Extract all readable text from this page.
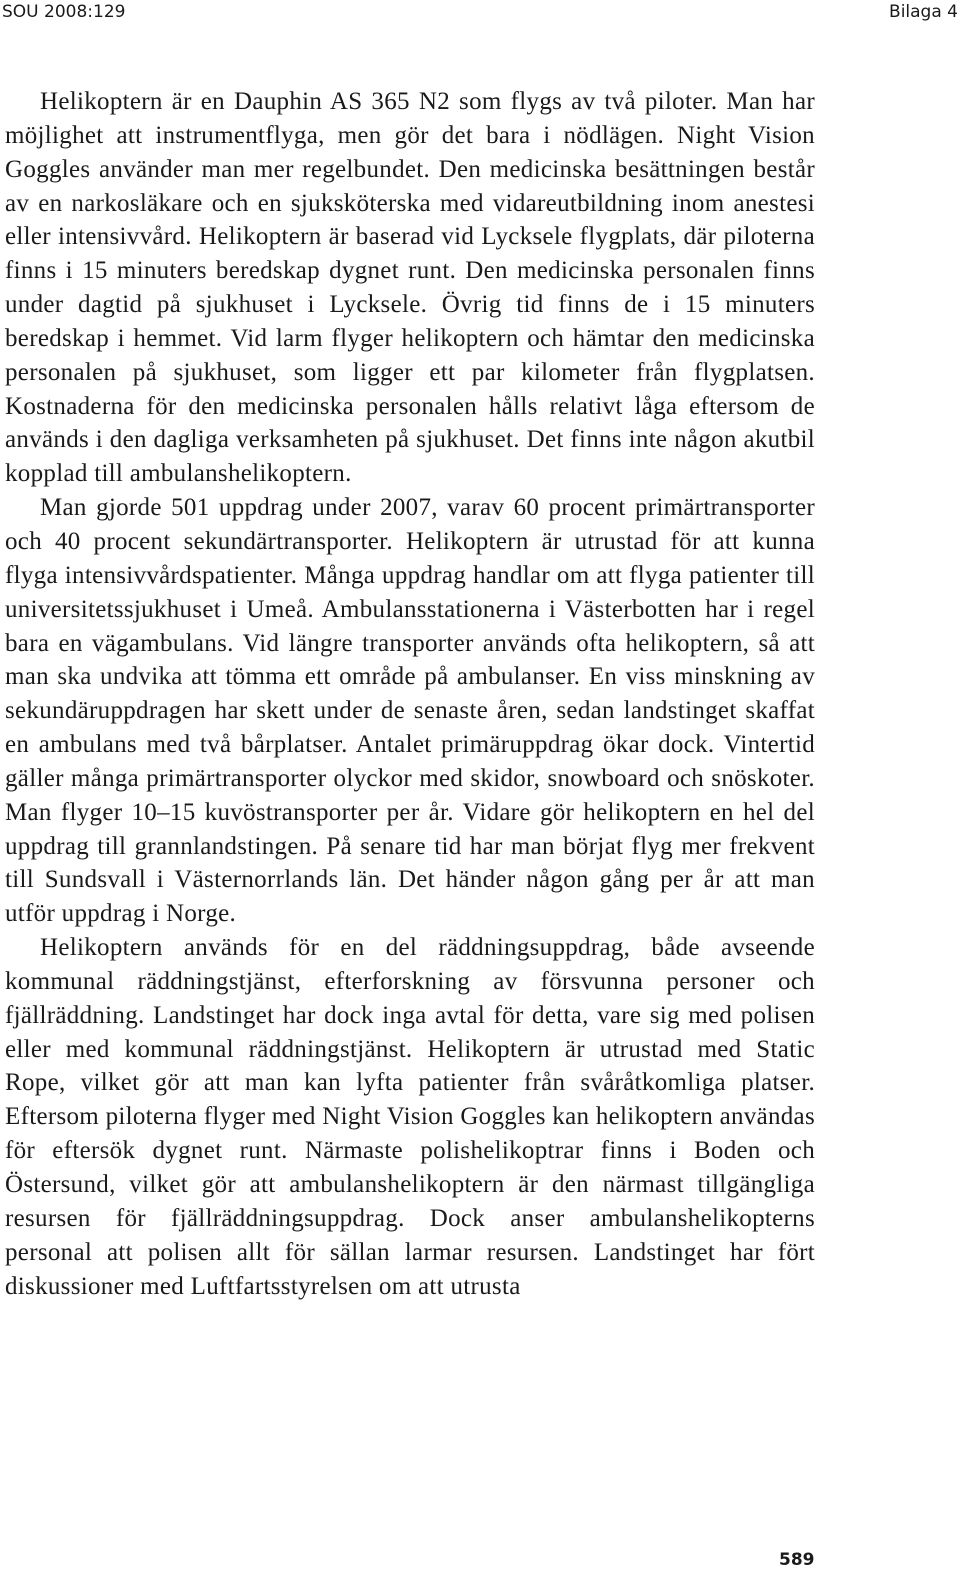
SOU 2008:129	Bilaga 4

Helikoptern är en Dauphin AS 365 N2 som flygs av två piloter. Man har möjlighet att instrumentflyga, men gör det bara i nödlägen. Night Vision Goggles använder man mer regelbundet. Den medicinska besättningen består av en narkosläkare och en sjuksköterska med vidareutbildning inom anestesi eller intensivvård. Helikoptern är baserad vid Lycksele flygplats, där piloterna finns i 15 minuters beredskap dygnet runt. Den medicinska personalen finns under dagtid på sjukhuset i Lycksele. Övrig tid finns de i 15 minuters beredskap i hemmet. Vid larm flyger helikoptern och hämtar den medicinska personalen på sjukhuset, som ligger ett par kilometer från flygplatsen. Kostnaderna för den medicinska personalen hålls relativt låga eftersom de används i den dagliga verksamheten på sjukhuset. Det finns inte någon akutbil kopplad till ambulanshelikoptern.

Man gjorde 501 uppdrag under 2007, varav 60 procent primärtransporter och 40 procent sekundärtransporter. Helikoptern är utrustad för att kunna flyga intensivvårdspatienter. Många uppdrag handlar om att flyga patienter till universitetssjukhuset i Umeå. Ambulansstationerna i Västerbotten har i regel bara en vägambulans. Vid längre transporter används ofta helikoptern, så att man ska undvika att tömma ett område på ambulanser. En viss minskning av sekundäruppdragen har skett under de senaste åren, sedan landstinget skaffat en ambulans med två bårplatser. Antalet primäruppdrag ökar dock. Vintertid gäller många primärtransporter olyckor med skidor, snowboard och snöskoter. Man flyger 10–15 kuvöstransporter per år. Vidare gör helikoptern en hel del uppdrag till grannlandstingen. På senare tid har man börjat flyg mer frekvent till Sundsvall i Västernorrlands län. Det händer någon gång per år att man utför uppdrag i Norge.

Helikoptern används för en del räddningsuppdrag, både avseende kommunal räddningstjänst, efterforskning av försvunna personer och fjällräddning. Landstinget har dock inga avtal för detta, vare sig med polisen eller med kommunal räddningstjänst. Helikoptern är utrustad med Static Rope, vilket gör att man kan lyfta patienter från svåråtkomliga platser. Eftersom piloterna flyger med Night Vision Goggles kan helikoptern användas för eftersök dygnet runt. Närmaste polishelikoptrar finns i Boden och Östersund, vilket gör att ambulanshelikoptern är den närmast tillgängliga resursen för fjällräddningsuppdrag. Dock anser ambulanshelikopterns personal att polisen allt för sällan larmar resursen. Landstinget har fört diskussioner med Luftfartsstyrelsen om att utrusta

589
